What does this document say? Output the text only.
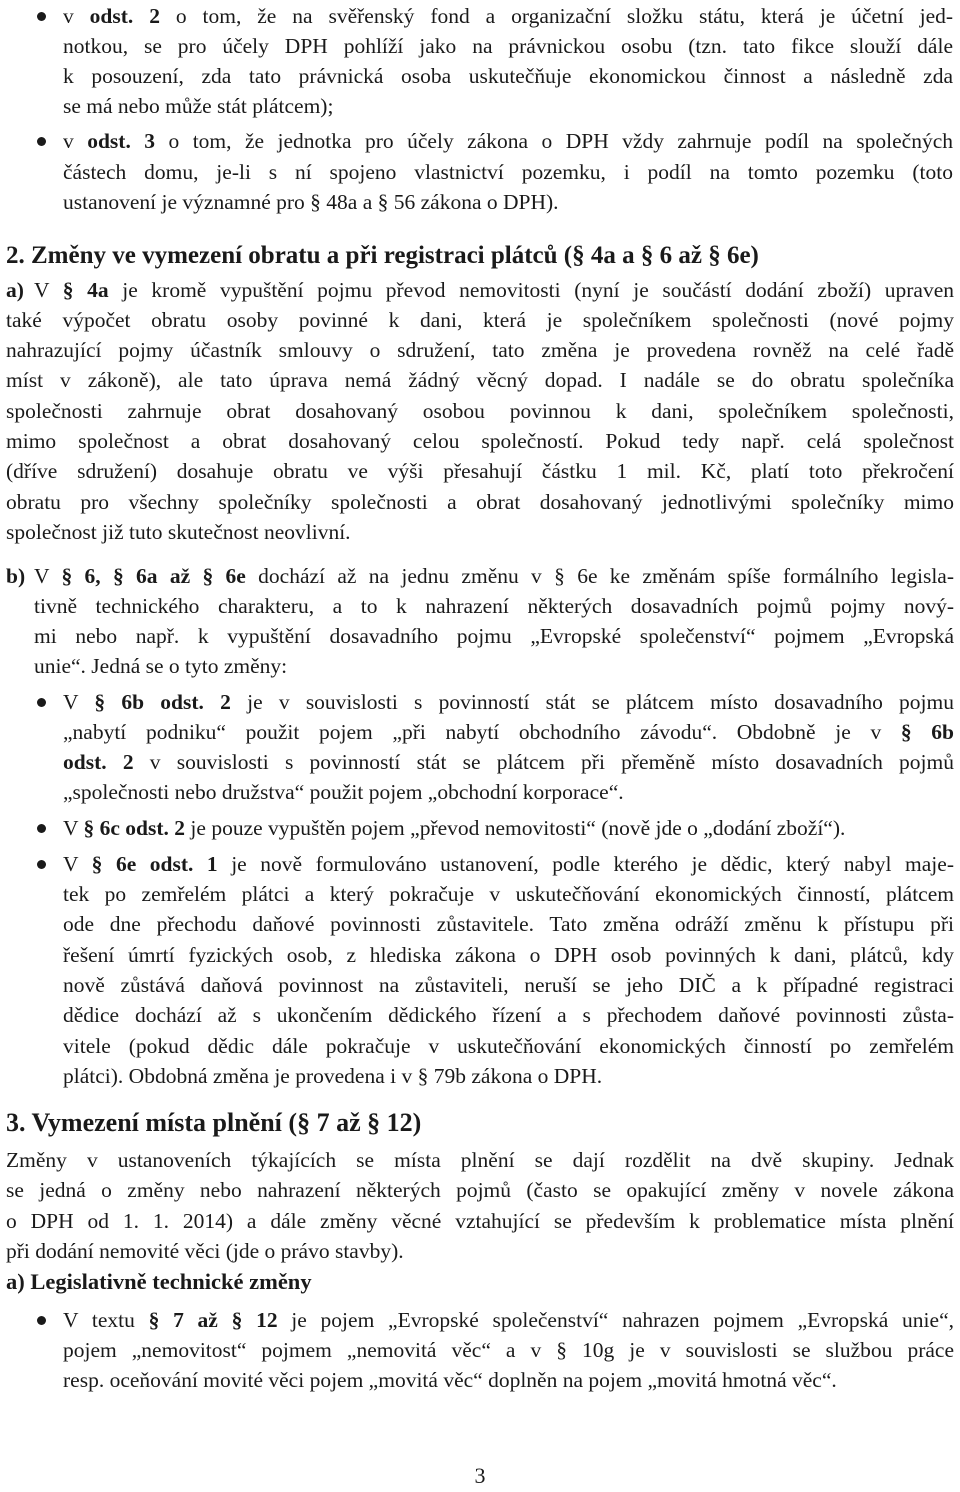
v odst. 2 o tom, že na svěřenský fond a organizační složku státu, která je účetní jed-
notkou, se pro účely DPH pohlíží jako na právnickou osobu (tzn. tato fikce slouží dále
k posouzení, zda tato právnická osoba uskutečňuje ekonomickou činnost a následně zda
se má nebo může stát plátcem);
v odst. 3 o tom, že jednotka pro účely zákona o DPH vždy zahrnuje podíl na společných
částech domu, je-li s ní spojeno vlastnictví pozemku, i podíl na tomto pozemku (toto
ustanovení je významné pro § 48a a § 56 zákona o DPH).
2. Změny ve vymezení obratu a při registraci plátců (§ 4a a § 6 až § 6e)
a) V § 4a je kromě vypuštění pojmu převod nemovitosti (nyní je součástí dodání zboží) upraven
také výpočet obratu osoby povinné k dani, která je společníkem společnosti (nové pojmy
nahrazující pojmy účastník smlouvy o sdružení, tato změna je provedena rovněž na celé řadě
míst v zákoně), ale tato úprava nemá žádný věcný dopad. I nadále se do obratu společníka
společnosti zahrnuje obrat dosahovaný osobou povinnou k dani, společníkem společnosti,
mimo společnost a obrat dosahovaný celou společností. Pokud tedy např. celá společnost
(dříve sdružení) dosahuje obratu ve výši přesahují částku 1 mil. Kč, platí toto překročení
obratu pro všechny společníky společnosti a obrat dosahovaný jednotlivými společníky mimo
společnost již tuto skutečnost neovlivní.
b) V § 6, § 6a až § 6e dochází až na jednu změnu v § 6e ke změnám spíše formálního legisla-
tivně technického charakteru, a to k nahrazení některých dosavadních pojmů pojmy nový-
mi nebo např. k vypuštění dosavadního pojmu „Evropské společenství“ pojmem „Evropská
unie“. Jedná se o tyto změny:
V § 6b odst. 2 je v souvislosti s povinností stát se plátcem místo dosavadního pojmu
„nabytí podniku“ použit pojem „při nabytí obchodního závodu“. Obdobně je v § 6b
odst. 2 v souvislosti s povinností stát se plátcem při přeměně místo dosavadních pojmů
„společnosti nebo družstva“ použit pojem „obchodní korporace“.
V § 6c odst. 2 je pouze vypuštěn pojem „převod nemovitosti“ (nově jde o „dodání zboží“).
V § 6e odst. 1 je nově formulováno ustanovení, podle kterého je dědic, který nabyl maje-
tek po zemřelém plátci a který pokračuje v uskutečňování ekonomických činností, plátcem
ode dne přechodu daňové povinnosti zůstavitele. Tato změna odráží změnu k přístupu při
řešení úmrtí fyzických osob, z hlediska zákona o DPH osob povinných k dani, plátců, kdy
nově zůstává daňová povinnost na zůstaviteli, neruší se jeho DIČ a k případné registraci
dědice dochází až s ukončením dědického řízení a s přechodem daňové povinnosti zůsta-
vitele (pokud dědic dále pokračuje v uskutečňování ekonomických činností po zemřelém
plátci). Obdobná změna je provedena i v § 79b zákona o DPH.
3. Vymezení místa plnění (§ 7 až § 12)
Změny v ustanoveních týkajících se místa plnění se dají rozdělit na dvě skupiny. Jednak
se jedná o změny nebo nahrazení některých pojmů (často se opakující změny v novele zákona
o DPH od 1. 1. 2014) a dále změny věcné vztahující se především k problematice místa plnění
při dodání nemovité věci (jde o právo stavby).
a) Legislativně technické změny
V textu § 7 až § 12 je pojem „Evropské společenství“ nahrazen pojmem „Evropská unie“,
pojem „nemovitost“ pojmem „nemovitá věc“ a v § 10g je v souvislosti se službou práce
resp. oceňování movité věci pojem „movitá věc“ doplněn na pojem „movitá hmotná věc“.
3
